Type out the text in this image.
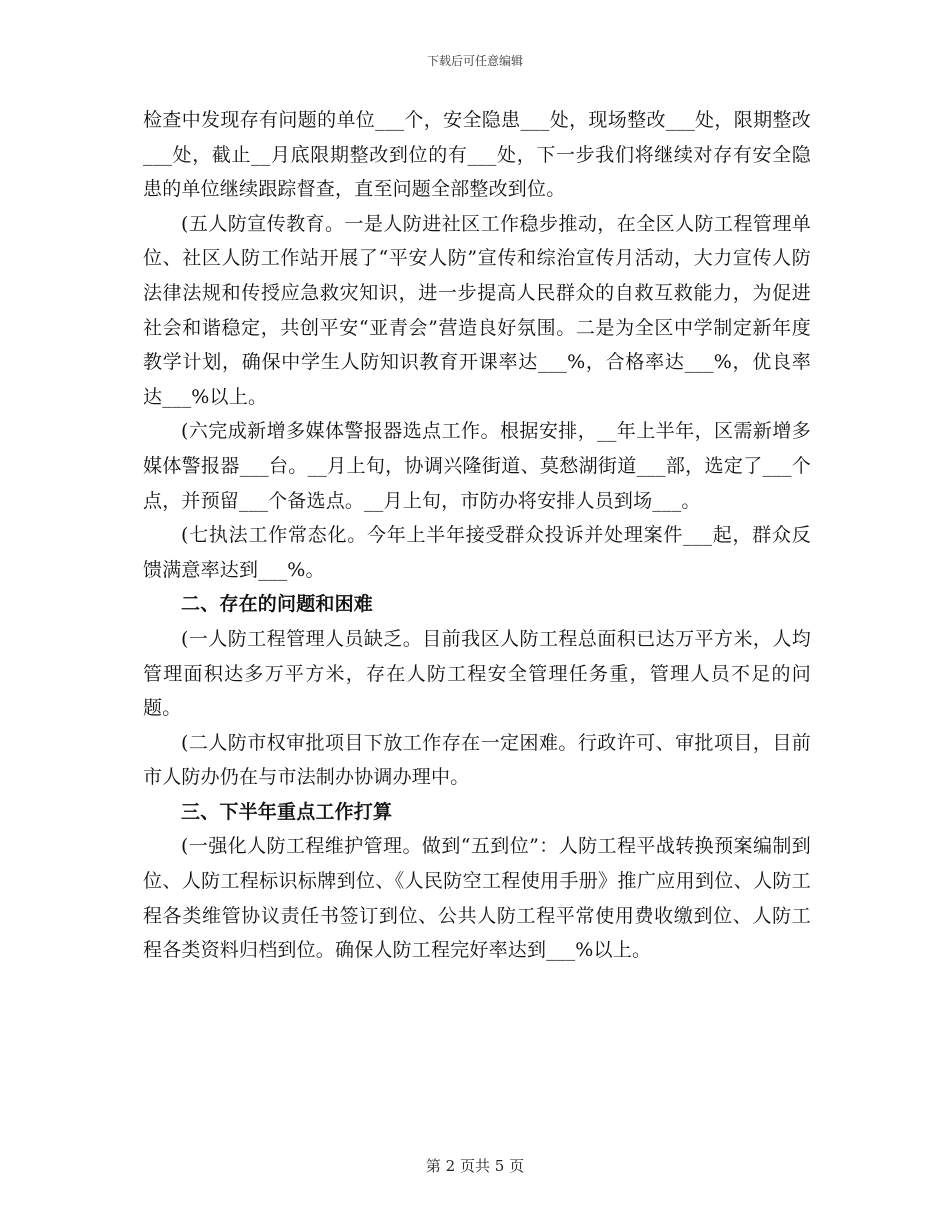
下载后可任意编辑

检查中发现存有问题的单位___个，安全隐患___处，现场整改___处，限期整改___处，截止__月底限期整改到位的有___处，下一步我们将继续对存有安全隐患的单位继续跟踪督查，直至问题全部整改到位。

(五人防宣传教育。一是人防进社区工作稳步推动，在全区人防工程管理单位、社区人防工作站开展了“平安人防”宣传和综治宣传月活动，大力宣传人防法律法规和传授应急救灾知识，进一步提高人民群众的自救互救能力，为促进社会和谐稳定，共创平安“亚青会”营造良好氛围。二是为全区中学制定新年度教学计划，确保中学生人防知识教育开课率达___%，合格率达___%，优良率达___%以上。

(六完成新增多媒体警报器选点工作。根据安排，__年上半年，区需新增多媒体警报器___台。__月上旬，协调兴隆街道、莫愁湖街道___部，选定了___个点，并预留___个备选点。__月上旬，市防办将安排人员到场___。

(七执法工作常态化。今年上半年接受群众投诉并处理案件___起，群众反馈满意率达到___%。

二、存在的问题和困难

(一人防工程管理人员缺乏。目前我区人防工程总面积已达万平方米，人均管理面积达多万平方米，存在人防工程安全管理任务重，管理人员不足的问题。

(二人防市权审批项目下放工作存在一定困难。行政许可、审批项目，目前市人防办仍在与市法制办协调办理中。

三、下半年重点工作打算

(一强化人防工程维护管理。做到“五到位”：人防工程平战转换预案编制到位、人防工程标识标牌到位、《人民防空工程使用手册》推广应用到位、人防工程各类维管协议责任书签订到位、公共人防工程平常使用费收缴到位、人防工程各类资料归档到位。确保人防工程完好率达到___%以上。

第 2 页共 5 页
